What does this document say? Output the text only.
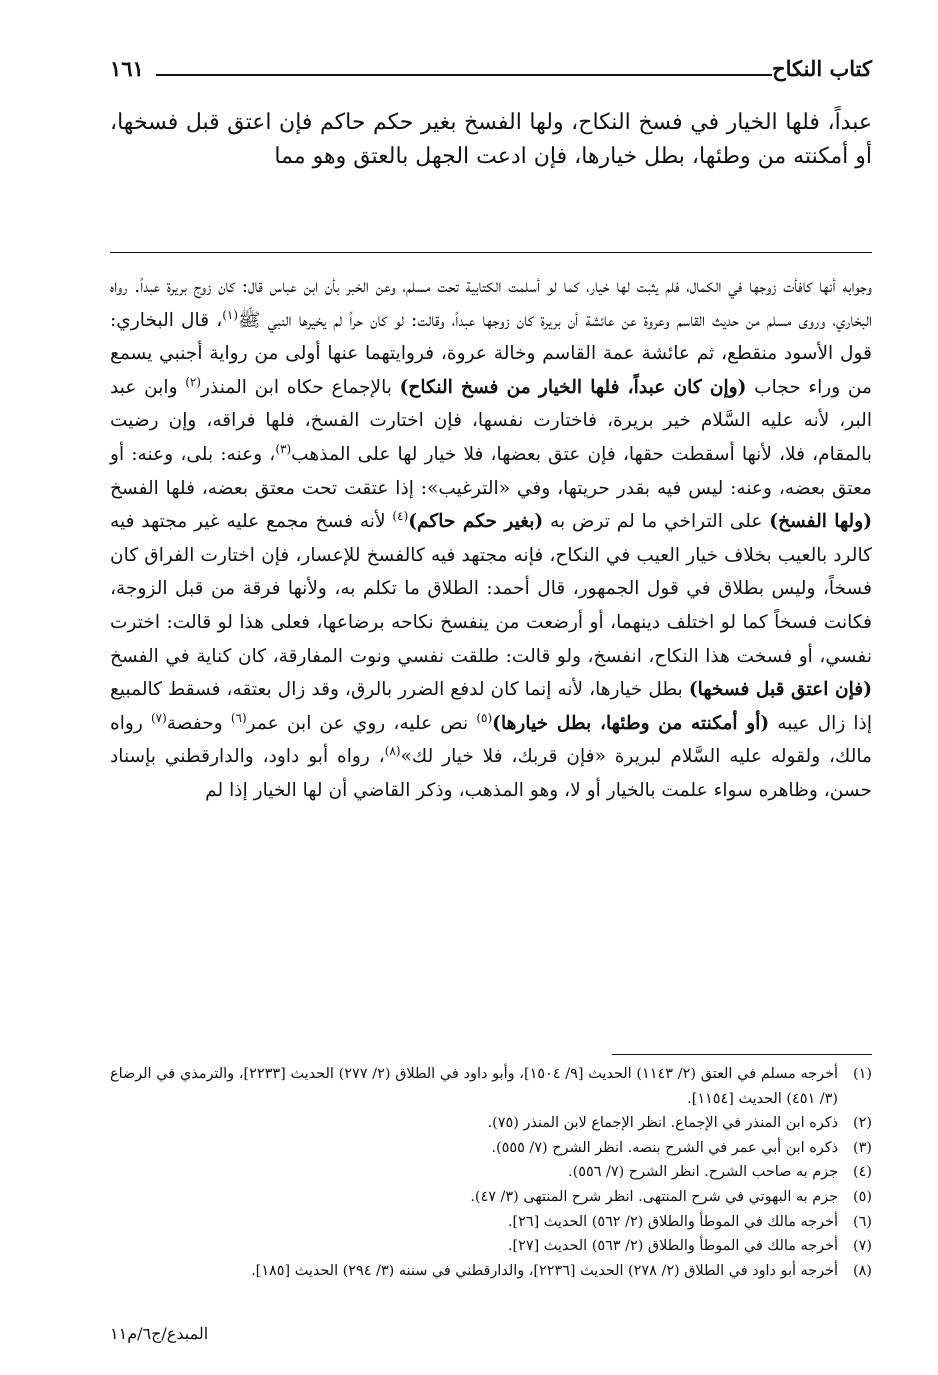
كتاب النكاح
١٦١
عبداً، فلها الخيار في فسخ النكاح، ولها الفسخ بغير حكم حاكم فإن اعتق قبل فسخها، أو أمكنته من وطئها، بطل خيارها، فإن ادعت الجهل بالعتق وهو مما
وجوابه أنها كافأت زوجها في الكمال، فلم يثبت لها خيار، كما لو أسلمت الكتابية تحت مسلم، وعن الخبر بأن ابن عباس قال: كان زوج بريرة عبداً. رواه البخاري، وروى مسلم من حديث القاسم وعروة عن عائشة أن بريرة كان زوجها عبداً، وقالت: لو كان حراً لم يخيرها النبي ﷺ$^{(١)}$، قال البخاري: قول الأسود منقطع، ثم عائشة عمة القاسم وخالة عروة، فروايتهما عنها أولى من رواية أجنبي يسمع من وراء حجاب (وإن كان عبداً، فلها الخيار من فسخ النكاح) بالإجماع حكاه ابن المنذر$^{(٢)}$ وابن عبد البر، لأنه عليه السَّلام خير بريرة، فاختارت نفسها، فإن اختارت الفسخ، فلها فراقه، وإن رضيت بالمقام، فلا، لأنها أسقطت حقها، فإن عتق بعضها، فلا خيار لها على المذهب$^{(٣)}$، وعنه: بلى، وعنه: أو معتق بعضه، وعنه: ليس فيه بقدر حريتها، وفي «الترغيب»: إذا عتقت تحت معتق بعضه، فلها الفسخ (ولها الفسخ) على التراخي ما لم ترض به (بغير حكم حاكم)$^{(٤)}$ لأنه فسخ مجمع عليه غير مجتهد فيه كالرد بالعيب بخلاف خيار العيب في النكاح، فإنه مجتهد فيه كالفسخ للإعسار، فإن اختارت الفراق كان فسخاً، وليس بطلاق في قول الجمهور، قال أحمد: الطلاق ما تكلم به، ولأنها فرقة من قبل الزوجة، فكانت فسخاً كما لو اختلف دينهما، أو أرضعت من ينفسخ نكاحه برضاعها، فعلى هذا لو قالت: اخترت نفسي، أو فسخت هذا النكاح، انفسخ، ولو قالت: طلقت نفسي ونوت المفارقة، كان كناية في الفسخ (فإن اعتق قبل فسخها) بطل خيارها، لأنه إنما كان لدفع الضرر بالرق، وقد زال بعتقه، فسقط كالمبيع إذا زال عيبه (أو أمكنته من وطئها، بطل خيارها)$^{(٥)}$ نص عليه، روي عن ابن عمر$^{(٦)}$ وحفصة$^{(٧)}$ رواه مالك، ولقوله عليه السَّلام لبريرة «فإن قربك، فلا خيار لك»$^{(٨)}$، رواه أبو داود، والدارقطني بإسناد حسن، وظاهره سواء علمت بالخيار أو لا، وهو المذهب، وذكر القاضي أن لها الخيار إذا لم
(١)
أخرجه مسلم في العتق (٢/ ١١٤٣) الحديث [٩/ ١٥٠٤]، وأبو داود في الطلاق (٢/ ٢٧٧) الحديث [٢٢٣٣]، والترمذي في الرضاع (٣/ ٤٥١) الحديث [١١٥٤].
(٢)
ذكره ابن المنذر في الإجماع. انظر الإجماع لابن المنذر (٧٥).
(٣)
ذكره ابن أبي عمر في الشرح بنصه. انظر الشرح (٧/ ٥٥٥).
(٤)
جزم به صاحب الشرح. انظر الشرح (٧/ ٥٥٦).
(٥)
جزم به البهوتي في شرح المنتهى. انظر شرح المنتهى (٣/ ٤٧).
(٦)
أخرجه مالك في الموطأ والطلاق (٢/ ٥٦٢) الحديث [٢٦].
(٧)
أخرجه مالك في الموطأ والطلاق (٢/ ٥٦٣) الحديث [٢٧].
(٨)
أخرجه أبو داود في الطلاق (٢/ ٢٧٨) الحديث [٢٢٣٦]، والدارقطني في سننه (٣/ ٢٩٤) الحديث [١٨٥].
المبدع/ج٦/م١١
